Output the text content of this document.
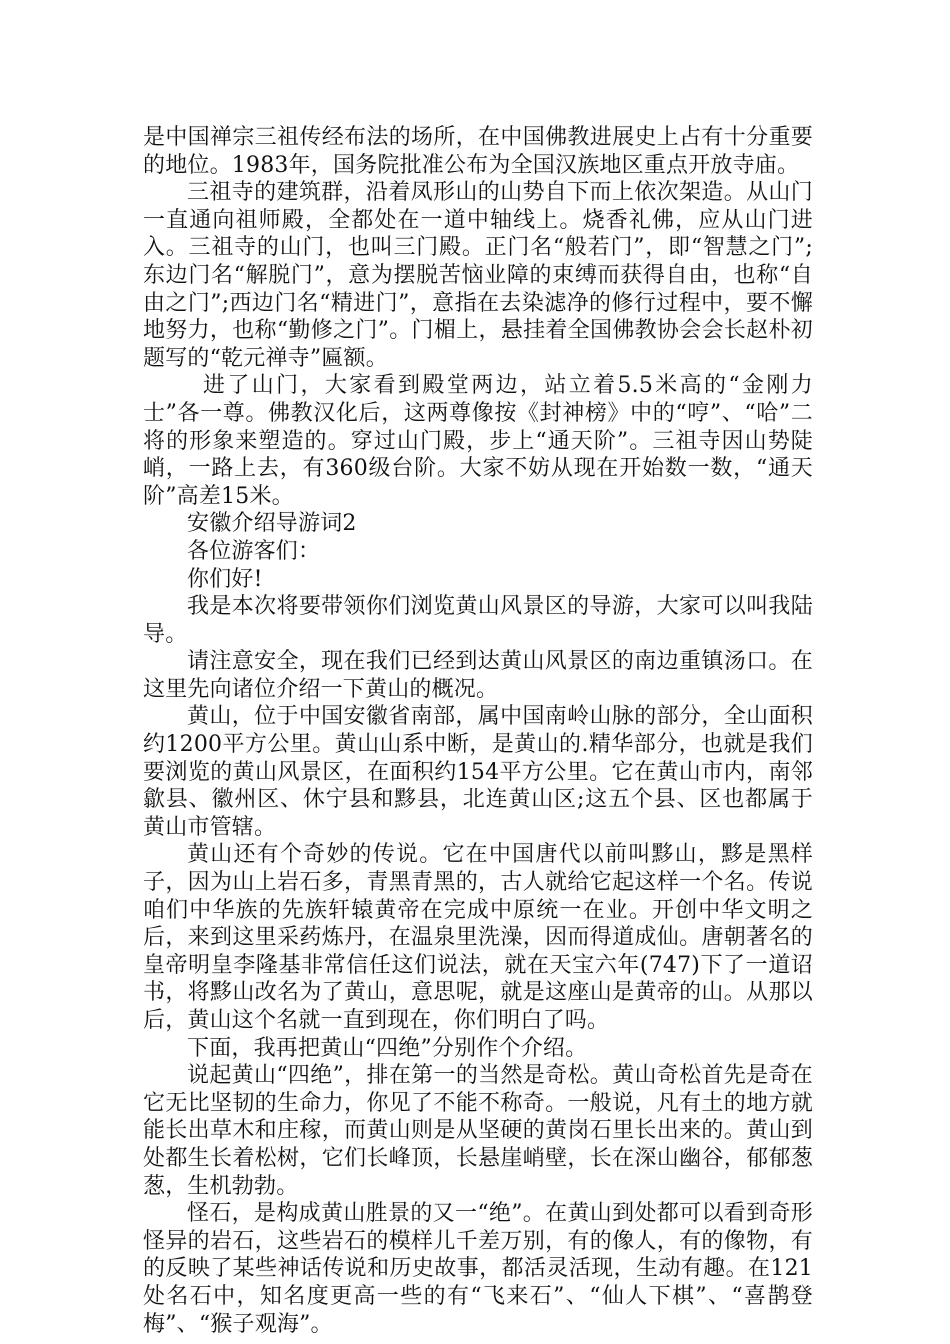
是中国禅宗三祖传经布法的场所，在中国佛教进展史上占有十分重要的地位。1983年，国务院批准公布为全国汉族地区重点开放寺庙。

三祖寺的建筑群，沿着凤形山的山势自下而上依次架造。从山门一直通向祖师殿，全都处在一道中轴线上。烧香礼佛，应从山门进入。三祖寺的山门，也叫三门殿。正门名“般若门”，即“智慧之门”;东边门名“解脱门”，意为摆脱苦恼业障的束缚而获得自由，也称“自由之门”;西边门名“精进门”，意指在去染滤净的修行过程中，要不懈地努力，也称“勤修之门”。门楣上，悬挂着全国佛教协会会长赵朴初题写的“乾元禅寺”匾额。

进了山门，大家看到殿堂两边，站立着5.5米高的“金刚力士”各一尊。佛教汉化后，这两尊像按《封神榜》中的“哼”、“哈”二将的形象来塑造的。穿过山门殿，步上“通天阶”。三祖寺因山势陡峭，一路上去，有360级台阶。大家不妨从现在开始数一数，“通天阶”高差15米。

安徽介绍导游词2

各位游客们：

你们好!

我是本次将要带领你们浏览黄山风景区的导游，大家可以叫我陆导。

请注意安全，现在我们已经到达黄山风景区的南边重镇汤口。在这里先向诸位介绍一下黄山的概况。

黄山，位于中国安徽省南部，属中国南岭山脉的部分，全山面积约1200平方公里。黄山山系中断，是黄山的.精华部分，也就是我们要浏览的黄山风景区，在面积约154平方公里。它在黄山市内，南邻歙县、徽州区、休宁县和黟县，北连黄山区;这五个县、区也都属于黄山市管辖。

黄山还有个奇妙的传说。它在中国唐代以前叫黟山，黟是黑样子，因为山上岩石多，青黑青黑的，古人就给它起这样一个名。传说咱们中华族的先族轩辕黄帝在完成中原统一在业。开创中华文明之后，来到这里采药炼丹，在温泉里洗澡，因而得道成仙。唐朝著名的皇帝明皇李隆基非常信任这们说法，就在天宝六年(747)下了一道诏书，将黟山改名为了黄山，意思呢，就是这座山是黄帝的山。从那以后，黄山这个名就一直到现在，你们明白了吗。

下面，我再把黄山“四绝”分别作个介绍。

说起黄山“四绝”，排在第一的当然是奇松。黄山奇松首先是奇在它无比坚韧的生命力，你见了不能不称奇。一般说，凡有土的地方就能长出草木和庄稼，而黄山则是从坚硬的黄岗石里长出来的。黄山到处都生长着松树，它们长峰顶，长悬崖峭壁，长在深山幽谷，郁郁葱葱，生机勃勃。

怪石，是构成黄山胜景的又一“绝”。在黄山到处都可以看到奇形怪异的岩石，这些岩石的模样儿千差万别，有的像人，有的像物，有的反映了某些神话传说和历史故事，都活灵活现，生动有趣。在121处名石中，知名度更高一些的有“飞来石”、“仙人下棋”、“喜鹊登梅”、“猴子观海”。
